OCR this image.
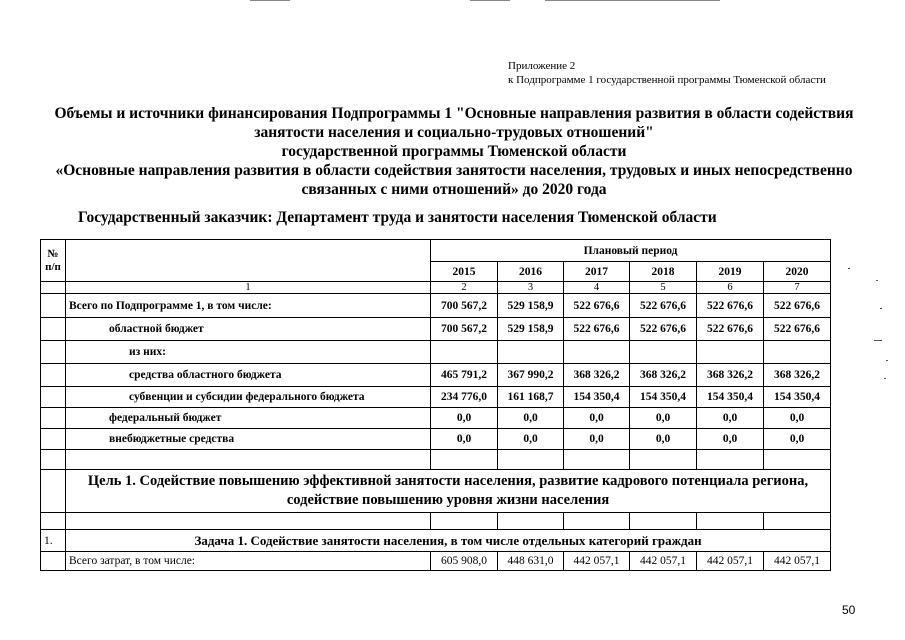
Приложение 2
к Подпрограмме 1 государственной программы Тюменской области
Объемы и источники финансирования Подпрограммы 1 "Основные направления развития в области содействия
занятости населения и социально-трудовых отношений"
государственной программы Тюменской области
«Основные направления развития в области содействия занятости населения, трудовых и иных непосредственно
связанных с ними отношений» до 2020 года
Государственный заказчик: Департамент труда и занятости населения Тюменской области
№ п/п		Плановый период					
		2015	2016	2017	2018	2019	2020
	1	2	3	4	5	6	7
	Всего по Подпрограмме 1, в том числе:	700 567,2	529 158,9	522 676,6	522 676,6	522 676,6	522 676,6
	областной бюджет	700 567,2	529 158,9	522 676,6	522 676,6	522 676,6	522 676,6
	из них:						
	средства областного бюджета	465 791,2	367 990,2	368 326,2	368 326,2	368 326,2	368 326,2
	субвенции и субсидии федерального бюджета	234 776,0	161 168,7	154 350,4	154 350,4	154 350,4	154 350,4
	федеральный бюджет	0,0	0,0	0,0	0,0	0,0	0,0
	внебюджетные средства	0,0	0,0	0,0	0,0	0,0	0,0

	Цель 1. Содействие повышению эффективной занятости населения, развитие кадрового потенциала региона, содействие повышению уровня жизни населения						

1.	Задача 1. Содействие занятости населения, в том числе отдельных категорий граждан						
	Всего затрат, в том числе:	605 908,0	448 631,0	442 057,1	442 057,1	442 057,1	442 057,1
50
